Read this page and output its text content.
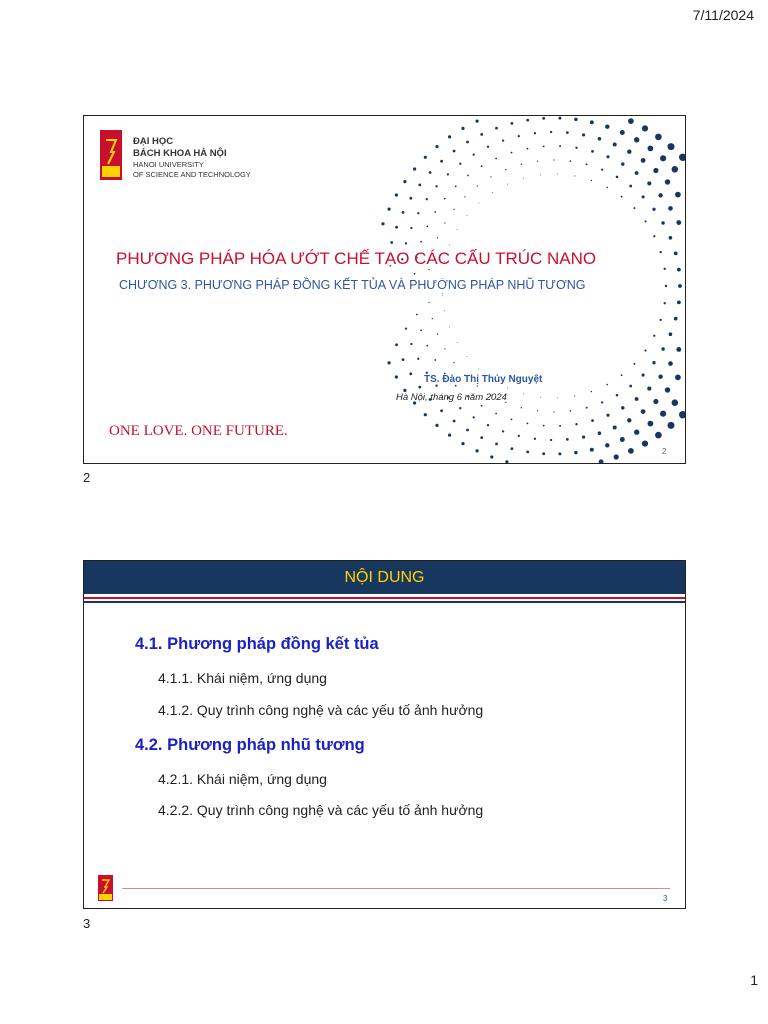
7/11/2024
ĐẠI HỌC
BÁCH KHOA HÀ NỘI
HANOI UNIVERSITY
OF SCIENCE AND TECHNOLOGY
PHƯƠNG PHÁP HÓA ƯỚT CHẾ TẠO CÁC CẤU TRÚC NANO
CHƯƠNG 3. PHƯƠNG PHÁP ĐỒNG KẾT TỦA VÀ PHƯƠNG PHÁP NHŨ TƯƠNG
TS. Đào Thị Thủy Nguyệt
Hà Nội, tháng 6 năm 2024
ONE LOVE. ONE FUTURE.
2
2
NỘI DUNG
4.1. Phương pháp đồng kết tủa
4.1.1. Khái niệm, ứng dụng
4.1.2. Quy trình công nghệ và các yếu tố ảnh hưởng
4.2. Phương pháp nhũ tương
4.2.1. Khái niệm, ứng dụng
4.2.2. Quy trình công nghệ và các yếu tố ảnh hưởng
3
3
1
